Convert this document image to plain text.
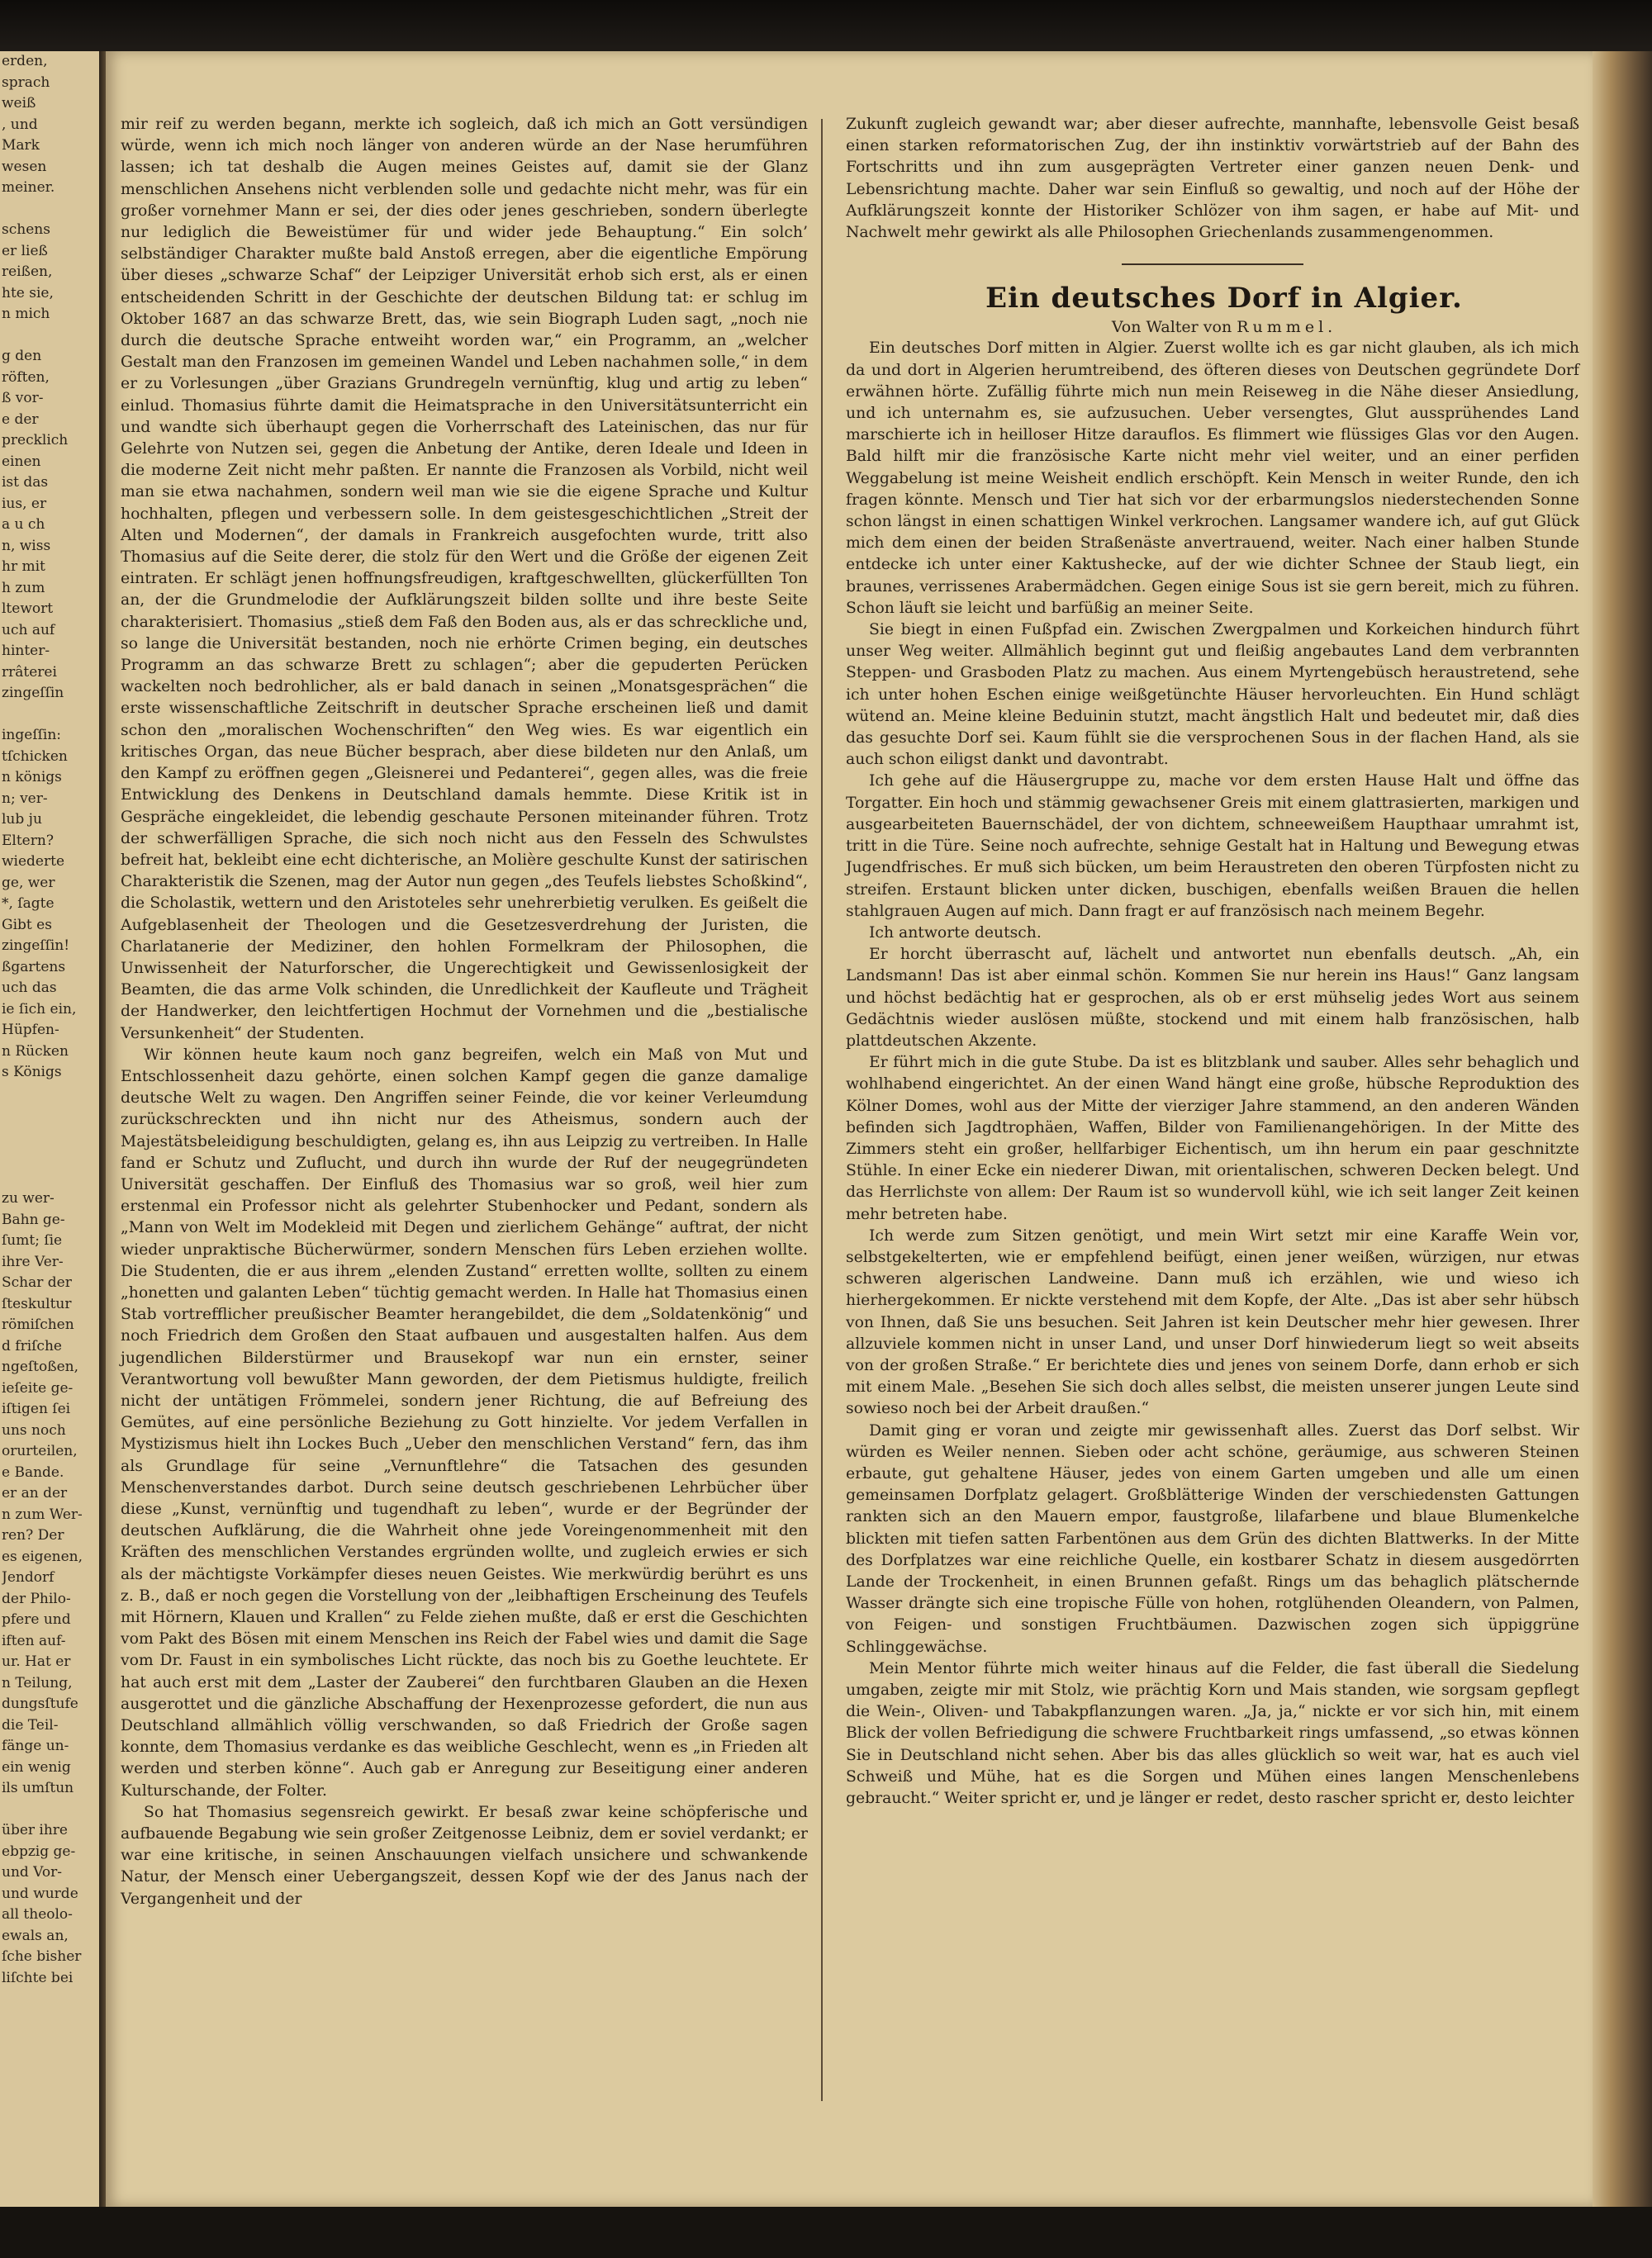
erden,
sprach
weiß
, und
Mark
wesen
meiner.

schens
er ließ
reißen,
hte sie,
n mich

g den
röften,
ß vor-
e der
precklich
einen
ist das
ius, er
a u ch
n, wiss
hr mit
h zum
ltewort
uch auf
hinter-
rrâterei
zingeſſin

ingeſſin:
tſchicken
n königs
n; ver-
lub ju
Eltern?
wiederte
ge, wer
*, ſagte
Gibt es
zingeſſin!
ßgartens
uch das
ie ſich ein,
Hüpfen-
n Rücken
s Königs

zu wer-
Bahn ge-
ſumt; ſie
ihre Ver-
Schar der
ſteskultur
römiſchen
d friſche
ngeſtoßen,
ieſeite ge-
iſtigen ſei
uns noch
orurteilen,
e Bande.
er an der
n zum Wer-
ren? Der
es eigenen,
Jendorf
der Philo-
pfere und
iften auf-
ur. Hat er
n Teilung,
dungsſtufe
die Teil-
fänge un-
ein wenig
ils umſtun

über ihre
ebpzig ge-
und Vor-
und wurde
all theolo-
ewals an,
ſche bisher
liſchte bei

mir reif zu werden begann, merkte ich sogleich, daß ich mich an Gott versündigen würde, wenn ich mich noch länger von anderen würde an der Nase herumführen lassen; ich tat deshalb die Augen meines Geistes auf, damit sie der Glanz menschlichen Ansehens nicht verblenden solle und gedachte nicht mehr, was für ein großer vornehmer Mann er sei, der dies oder jenes geschrieben, sondern überlegte nur lediglich die Beweistümer für und wider jede Behauptung.“ Ein solch’ selbständiger Charakter mußte bald Anstoß erregen, aber die eigentliche Empörung über dieses „schwarze Schaf“ der Leipziger Universität erhob sich erst, als er einen entscheidenden Schritt in der Geschichte der deutschen Bildung tat: er schlug im Oktober 1687 an das schwarze Brett, das, wie sein Biograph Luden sagt, „noch nie durch die deutsche Sprache entweiht worden war,“ ein Programm, an „welcher Gestalt man den Franzosen im gemeinen Wandel und Leben nachahmen solle,“ in dem er zu Vorlesungen „über Grazians Grundregeln vernünftig, klug und artig zu leben“ einlud. Thomasius führte damit die Heimatsprache in den Universitätsunterricht ein und wandte sich überhaupt gegen die Vorherrschaft des Lateinischen, das nur für Gelehrte von Nutzen sei, gegen die Anbetung der Antike, deren Ideale und Ideen in die moderne Zeit nicht mehr paßten. Er nannte die Franzosen als Vorbild, nicht weil man sie etwa nachahmen, sondern weil man wie sie die eigene Sprache und Kultur hochhalten, pflegen und verbessern solle. In dem geistesgeschichtlichen „Streit der Alten und Modernen“, der damals in Frankreich ausgefochten wurde, tritt also Thomasius auf die Seite derer, die stolz für den Wert und die Größe der eigenen Zeit eintraten. Er schlägt jenen hoffnungsfreudigen, kraftgeschwellten, glückerfüllten Ton an, der die Grundmelodie der Aufklärungszeit bilden sollte und ihre beste Seite charakterisiert. Thomasius „stieß dem Faß den Boden aus, als er das schreckliche und, so lange die Universität bestanden, noch nie erhörte Crimen beging, ein deutsches Programm an das schwarze Brett zu schlagen“; aber die gepuderten Perücken wackelten noch bedrohlicher, als er bald danach in seinen „Monatsgesprächen“ die erste wissenschaftliche Zeitschrift in deutscher Sprache erscheinen ließ und damit schon den „moralischen Wochenschriften“ den Weg wies. Es war eigentlich ein kritisches Organ, das neue Bücher besprach, aber diese bildeten nur den Anlaß, um den Kampf zu eröffnen gegen „Gleisnerei und Pedanterei“, gegen alles, was die freie Entwicklung des Denkens in Deutschland damals hemmte. Diese Kritik ist in Gespräche eingekleidet, die lebendig geschaute Personen miteinander führen. Trotz der schwerfälligen Sprache, die sich noch nicht aus den Fesseln des Schwulstes befreit hat, bekleibt eine echt dichterische, an Molière geschulte Kunst der satirischen Charakteristik die Szenen, mag der Autor nun gegen „des Teufels liebstes Schoßkind“, die Scholastik, wettern und den Aristoteles sehr unehrerbietig verulken. Es geißelt die Aufgeblasenheit der Theologen und die Gesetzesverdrehung der Juristen, die Charlatanerie der Mediziner, den hohlen Formelkram der Philosophen, die Unwissenheit der Naturforscher, die Ungerechtigkeit und Gewissenlosigkeit der Beamten, die das arme Volk schinden, die Unredlichkeit der Kaufleute und Trägheit der Handwerker, den leichtfertigen Hochmut der Vornehmen und die „bestialische Versunkenheit“ der Studenten.

Wir können heute kaum noch ganz begreifen, welch ein Maß von Mut und Entschlossenheit dazu gehörte, einen solchen Kampf gegen die ganze damalige deutsche Welt zu wagen. Den Angriffen seiner Feinde, die vor keiner Verleumdung zurückschreckten und ihn nicht nur des Atheismus, sondern auch der Majestätsbeleidigung beschuldigten, gelang es, ihn aus Leipzig zu vertreiben. In Halle fand er Schutz und Zuflucht, und durch ihn wurde der Ruf der neugegründeten Universität geschaffen. Der Einfluß des Thomasius war so groß, weil hier zum erstenmal ein Professor nicht als gelehrter Stubenhocker und Pedant, sondern als „Mann von Welt im Modekleid mit Degen und zierlichem Gehänge“ auftrat, der nicht wieder unpraktische Bücherwürmer, sondern Menschen fürs Leben erziehen wollte. Die Studenten, die er aus ihrem „elenden Zustand“ erretten wollte, sollten zu einem „honetten und galanten Leben“ tüchtig gemacht werden. In Halle hat Thomasius einen Stab vortrefflicher preußischer Beamter herangebildet, die dem „Soldatenkönig“ und noch Friedrich dem Großen den Staat aufbauen und ausgestalten halfen. Aus dem jugendlichen Bilderstürmer und Brausekopf war nun ein ernster, seiner Verantwortung voll bewußter Mann geworden, der dem Pietismus huldigte, freilich nicht der untätigen Frömmelei, sondern jener Richtung, die auf Befreiung des Gemütes, auf eine persönliche Beziehung zu Gott hinzielte. Vor jedem Verfallen in Mystizismus hielt ihn Lockes Buch „Ueber den menschlichen Verstand“ fern, das ihm als Grundlage für seine „Vernunftlehre“ die Tatsachen des gesunden Menschenverstandes darbot. Durch seine deutsch geschriebenen Lehrbücher über diese „Kunst, vernünftig und tugendhaft zu leben“, wurde er der Begründer der deutschen Aufklärung, die die Wahrheit ohne jede Voreingenommenheit mit den Kräften des menschlichen Verstandes ergründen wollte, und zugleich erwies er sich als der mächtigste Vorkämpfer dieses neuen Geistes. Wie merkwürdig berührt es uns z. B., daß er noch gegen die Vorstellung von der „leibhaftigen Erscheinung des Teufels mit Hörnern, Klauen und Krallen“ zu Felde ziehen mußte, daß er erst die Geschichten vom Pakt des Bösen mit einem Menschen ins Reich der Fabel wies und damit die Sage vom Dr. Faust in ein symbolisches Licht rückte, das noch bis zu Goethe leuchtete. Er hat auch erst mit dem „Laster der Zauberei“ den furchtbaren Glauben an die Hexen ausgerottet und die gänzliche Abschaffung der Hexenprozesse gefordert, die nun aus Deutschland allmählich völlig verschwanden, so daß Friedrich der Große sagen konnte, dem Thomasius verdanke es das weibliche Geschlecht, wenn es „in Frieden alt werden und sterben könne“. Auch gab er Anregung zur Beseitigung einer anderen Kulturschande, der Folter.

So hat Thomasius segensreich gewirkt. Er besaß zwar keine schöpferische und aufbauende Begabung wie sein großer Zeitgenosse Leibniz, dem er soviel verdankt; er war eine kritische, in seinen Anschauungen vielfach unsichere und schwankende Natur, der Mensch einer Uebergangszeit, dessen Kopf wie der des Janus nach der Vergangenheit und der

Zukunft zugleich gewandt war; aber dieser aufrechte, mannhafte, lebensvolle Geist besaß einen starken reformatorischen Zug, der ihn instinktiv vorwärtstrieb auf der Bahn des Fortschritts und ihn zum ausgeprägten Vertreter einer ganzen neuen Denk- und Lebensrichtung machte. Daher war sein Einfluß so gewaltig, und noch auf der Höhe der Aufklärungszeit konnte der Historiker Schlözer von ihm sagen, er habe auf Mit- und Nachwelt mehr gewirkt als alle Philosophen Griechenlands zusammengenommen.

Ein deutsches Dorf in Algier.

Von Walter von Rummel.

Ein deutsches Dorf mitten in Algier. Zuerst wollte ich es gar nicht glauben, als ich mich da und dort in Algerien herumtreibend, des öfteren dieses von Deutschen gegründete Dorf erwähnen hörte. Zufällig führte mich nun mein Reiseweg in die Nähe dieser Ansiedlung, und ich unternahm es, sie aufzusuchen. Ueber versengtes, Glut aussprühendes Land marschierte ich in heilloser Hitze darauflos. Es flimmert wie flüssiges Glas vor den Augen. Bald hilft mir die französische Karte nicht mehr viel weiter, und an einer perfiden Weggabelung ist meine Weisheit endlich erschöpft. Kein Mensch in weiter Runde, den ich fragen könnte. Mensch und Tier hat sich vor der erbarmungslos niederstechenden Sonne schon längst in einen schattigen Winkel verkrochen. Langsamer wandere ich, auf gut Glück mich dem einen der beiden Straßenäste anvertrauend, weiter. Nach einer halben Stunde entdecke ich unter einer Kaktushecke, auf der wie dichter Schnee der Staub liegt, ein braunes, verrissenes Arabermädchen. Gegen einige Sous ist sie gern bereit, mich zu führen. Schon läuft sie leicht und barfüßig an meiner Seite.

Sie biegt in einen Fußpfad ein. Zwischen Zwergpalmen und Korkeichen hindurch führt unser Weg weiter. Allmählich beginnt gut und fleißig angebautes Land dem verbrannten Steppen- und Grasboden Platz zu machen. Aus einem Myrtengebüsch heraustretend, sehe ich unter hohen Eschen einige weißgetünchte Häuser hervorleuchten. Ein Hund schlägt wütend an. Meine kleine Beduinin stutzt, macht ängstlich Halt und bedeutet mir, daß dies das gesuchte Dorf sei. Kaum fühlt sie die versprochenen Sous in der flachen Hand, als sie auch schon eiligst dankt und davontrabt.

Ich gehe auf die Häusergruppe zu, mache vor dem ersten Hause Halt und öffne das Torgatter. Ein hoch und stämmig gewachsener Greis mit einem glattrasierten, markigen und ausgearbeiteten Bauernschädel, der von dichtem, schneeweißem Haupthaar umrahmt ist, tritt in die Türe. Seine noch aufrechte, sehnige Gestalt hat in Haltung und Bewegung etwas Jugendfrisches. Er muß sich bücken, um beim Heraustreten den oberen Türpfosten nicht zu streifen. Erstaunt blicken unter dicken, buschigen, ebenfalls weißen Brauen die hellen stahlgrauen Augen auf mich. Dann fragt er auf französisch nach meinem Begehr.

Ich antworte deutsch.

Er horcht überrascht auf, lächelt und antwortet nun ebenfalls deutsch. „Ah, ein Landsmann! Das ist aber einmal schön. Kommen Sie nur herein ins Haus!“ Ganz langsam und höchst bedächtig hat er gesprochen, als ob er erst mühselig jedes Wort aus seinem Gedächtnis wieder auslösen müßte, stockend und mit einem halb französischen, halb plattdeutschen Akzente.

Er führt mich in die gute Stube. Da ist es blitzblank und sauber. Alles sehr behaglich und wohlhabend eingerichtet. An der einen Wand hängt eine große, hübsche Reproduktion des Kölner Domes, wohl aus der Mitte der vierziger Jahre stammend, an den anderen Wänden befinden sich Jagdtrophäen, Waffen, Bilder von Familienangehörigen. In der Mitte des Zimmers steht ein großer, hellfarbiger Eichentisch, um ihn herum ein paar geschnitzte Stühle. In einer Ecke ein niederer Diwan, mit orientalischen, schweren Decken belegt. Und das Herrlichste von allem: Der Raum ist so wundervoll kühl, wie ich seit langer Zeit keinen mehr betreten habe.

Ich werde zum Sitzen genötigt, und mein Wirt setzt mir eine Karaffe Wein vor, selbstgekelterten, wie er empfehlend beifügt, einen jener weißen, würzigen, nur etwas schweren algerischen Landweine. Dann muß ich erzählen, wie und wieso ich hierhergekommen. Er nickte verstehend mit dem Kopfe, der Alte. „Das ist aber sehr hübsch von Ihnen, daß Sie uns besuchen. Seit Jahren ist kein Deutscher mehr hier gewesen. Ihrer allzuviele kommen nicht in unser Land, und unser Dorf hinwiederum liegt so weit abseits von der großen Straße.“ Er berichtete dies und jenes von seinem Dorfe, dann erhob er sich mit einem Male. „Besehen Sie sich doch alles selbst, die meisten unserer jungen Leute sind sowieso noch bei der Arbeit draußen.“

Damit ging er voran und zeigte mir gewissenhaft alles. Zuerst das Dorf selbst. Wir würden es Weiler nennen. Sieben oder acht schöne, geräumige, aus schweren Steinen erbaute, gut gehaltene Häuser, jedes von einem Garten umgeben und alle um einen gemeinsamen Dorfplatz gelagert. Großblätterige Winden der verschiedensten Gattungen rankten sich an den Mauern empor, faustgroße, lilafarbene und blaue Blumenkelche blickten mit tiefen satten Farbentönen aus dem Grün des dichten Blattwerks. In der Mitte des Dorfplatzes war eine reichliche Quelle, ein kostbarer Schatz in diesem ausgedörrten Lande der Trockenheit, in einen Brunnen gefaßt. Rings um das behaglich plätschernde Wasser drängte sich eine tropische Fülle von hohen, rotglühenden Oleandern, von Palmen, von Feigen- und sonstigen Fruchtbäumen. Dazwischen zogen sich üppiggrüne Schlinggewächse.

Mein Mentor führte mich weiter hinaus auf die Felder, die fast überall die Siedelung umgaben, zeigte mir mit Stolz, wie prächtig Korn und Mais standen, wie sorgsam gepflegt die Wein-, Oliven- und Tabakpflanzungen waren. „Ja, ja,“ nickte er vor sich hin, mit einem Blick der vollen Befriedigung die schwere Fruchtbarkeit rings umfassend, „so etwas können Sie in Deutschland nicht sehen. Aber bis das alles glücklich so weit war, hat es auch viel Schweiß und Mühe, hat es die Sorgen und Mühen eines langen Menschenlebens gebraucht.“ Weiter spricht er, und je länger er redet, desto rascher spricht er, desto leichter
